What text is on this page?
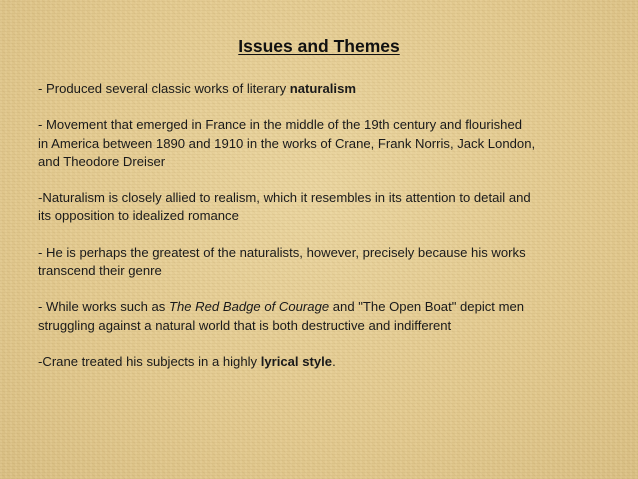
Issues and Themes

- Produced several classic works of literary naturalism

- Movement that emerged in France in the middle of the 19th century and flourished
in America between 1890 and 1910 in the works of Crane, Frank Norris, Jack London,
and Theodore Dreiser

-Naturalism is closely allied to realism, which it resembles in its attention to detail and
its opposition to idealized romance

- He is perhaps the greatest of the naturalists, however, precisely because his works
transcend their genre

- While works such as The Red Badge of Courage and "The Open Boat" depict men
struggling against a natural world that is both destructive and indifferent

-Crane treated his subjects in a highly lyrical style.
